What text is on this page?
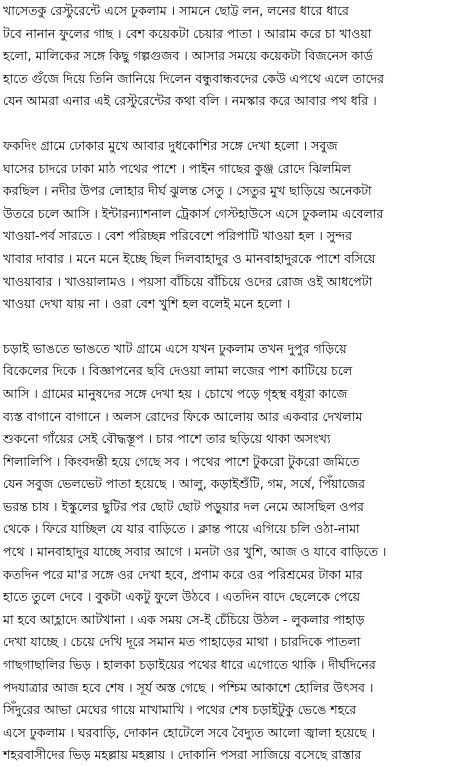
খাসেতকু রেস্টুরেন্টে এসে ঢুকলাম । সামনে ছোট্ট লন, লনের ধারে ধারে
টবে নানান ফুলের গাছ । বেশ কয়েকটা চেয়ার পাতা । আরাম করে চা খাওয়া
হলো, মালিকের সঙ্গে কিছু গল্পগুজব । আসার সময়ে কয়েকটা বিজনেস কার্ড
হাতে গুঁজে দিয়ে তিনি জানিয়ে দিলেন বন্ধুবান্ধবদের কেউ এপথে এলে তাদের
যেন আমরা এনার এই রেস্টুরেন্টের কথা বলি । নমস্কার করে আবার পথ ধরি ।
ফকদিং গ্রামে ঢোকার মুখে আবার দুধকোশির সঙ্গে দেখা হলো । সবুজ
ঘাসের চাদরে ঢাকা মাঠ পথের পাশে । পাইন গাছের কুঞ্জ রোদে ঝিলমিল
করছিল । নদীর উপর লোহার দীর্ঘ ঝুলন্ত সেতু । সেতুর মুখ ছাড়িয়ে অনেকটা
উতরে চলে আসি । ইন্টারন্যাশনাল ট্রেকার্স গেস্টহাউসে এসে ঢুকলাম এবেলার
খাওয়া-পর্ব সারতে । বেশ পরিচ্ছন্ন পরিবেশে পরিপাটি খাওয়া হল । সুন্দর
খাবার দাবার । মনে মনে ইচ্ছে ছিল দিলবাহাদুর ও মানবাহাদুরকে পাশে বসিয়ে
খাওয়াবার । খাওয়ালামও । পয়সা বাঁচিয়ে বাঁচিয়ে ওদের রোজ ওই আধপেটা
খাওয়া দেখা যায় না । ওরা বেশ খুশি হল বলেই মনে হলো ।
চড়াই ভাঙতে ভাঙতে খাট গ্রামে এসে যখন ঢুকলাম তখন দুপুর গড়িয়ে
বিকেলের দিকে । বিজ্ঞাপনের ছবি দেওয়া লামা লজের পাশ কাটিয়ে চলে
আসি । গ্রামের মানুষদের সঙ্গে দেখা হয় । চোখে পড়ে গৃহস্থ বধূরা কাজে
ব্যস্ত বাগানে বাগানে । অলস রোদের ফিকে আলোয় আর একবার দেখলাম
শুকনো গাঁয়ের সেই বৌদ্ধস্তূপ । চার পাশে তার ছড়িয়ে থাকা অসংখ্য
শিলালিপি । কিংবদন্তী হয়ে গেছে সব । পথের পাশে টুকরো টুকরো জমিতে
যেন সবুজ ভেলভেট পাতা হয়েছে । আলু, কড়াইশুঁটি, গম, সর্ষে, পিঁয়াজের
ভরন্ত চাষ । ইস্কুলের ছুটির পর ছোট ছোট পড়ুয়ার দল নেমে আসছিল ওপর
থেকে । ফিরে যাচ্ছিল যে যার বাড়িতে । ক্লান্ত পায়ে এগিয়ে চলি ওঠা-নামা
পথে । মানবাহাদুর যাচ্ছে সবার আগে । মনটা ওর খুশি, আজ ও যাবে বাড়িতে ।
কতদিন পরে মা'র সঙ্গে ওর দেখা হবে, প্রণাম করে ওর পরিশ্রমের টাকা মার
হাতে তুলে দেবে । বুকটা একটু ফুলে উঠবে । এতদিন বাদে ছেলেকে পেয়ে
মা হবে আহ্লাদে আটখানা । এক সময় সে-ই চেঁচিয়ে উঠল - লুকলার পাহাড়
দেখা যাচ্ছে । চেয়ে দেখি দূরে সমান মত পাহাড়ের মাথা । চারদিকে পাতলা
গাছগাছালির ভিড় । হালকা চড়াইয়ের পথের ধারে এগোতে থাকি । দীর্ঘদিনের
পদযাত্রার আজ হবে শেষ । সূর্য অস্ত গেছে । পশ্চিম আকাশে হোলির উৎসব ।
সিঁদুরের আভা মেঘের গায়ে মাখামাখি । পথের শেষ চড়াইটুকু ভেঙে শহরে
এসে ঢুকলাম । ঘরবাড়ি, দোকান হোটেলে সবে বৈদ্যুত আলো জ্বালা হয়েছে ।
শহরবাসীদের ভিড় মহল্লায় মহল্লায় । দোকানি পসরা সাজিয়ে বসেছে রাস্তার
